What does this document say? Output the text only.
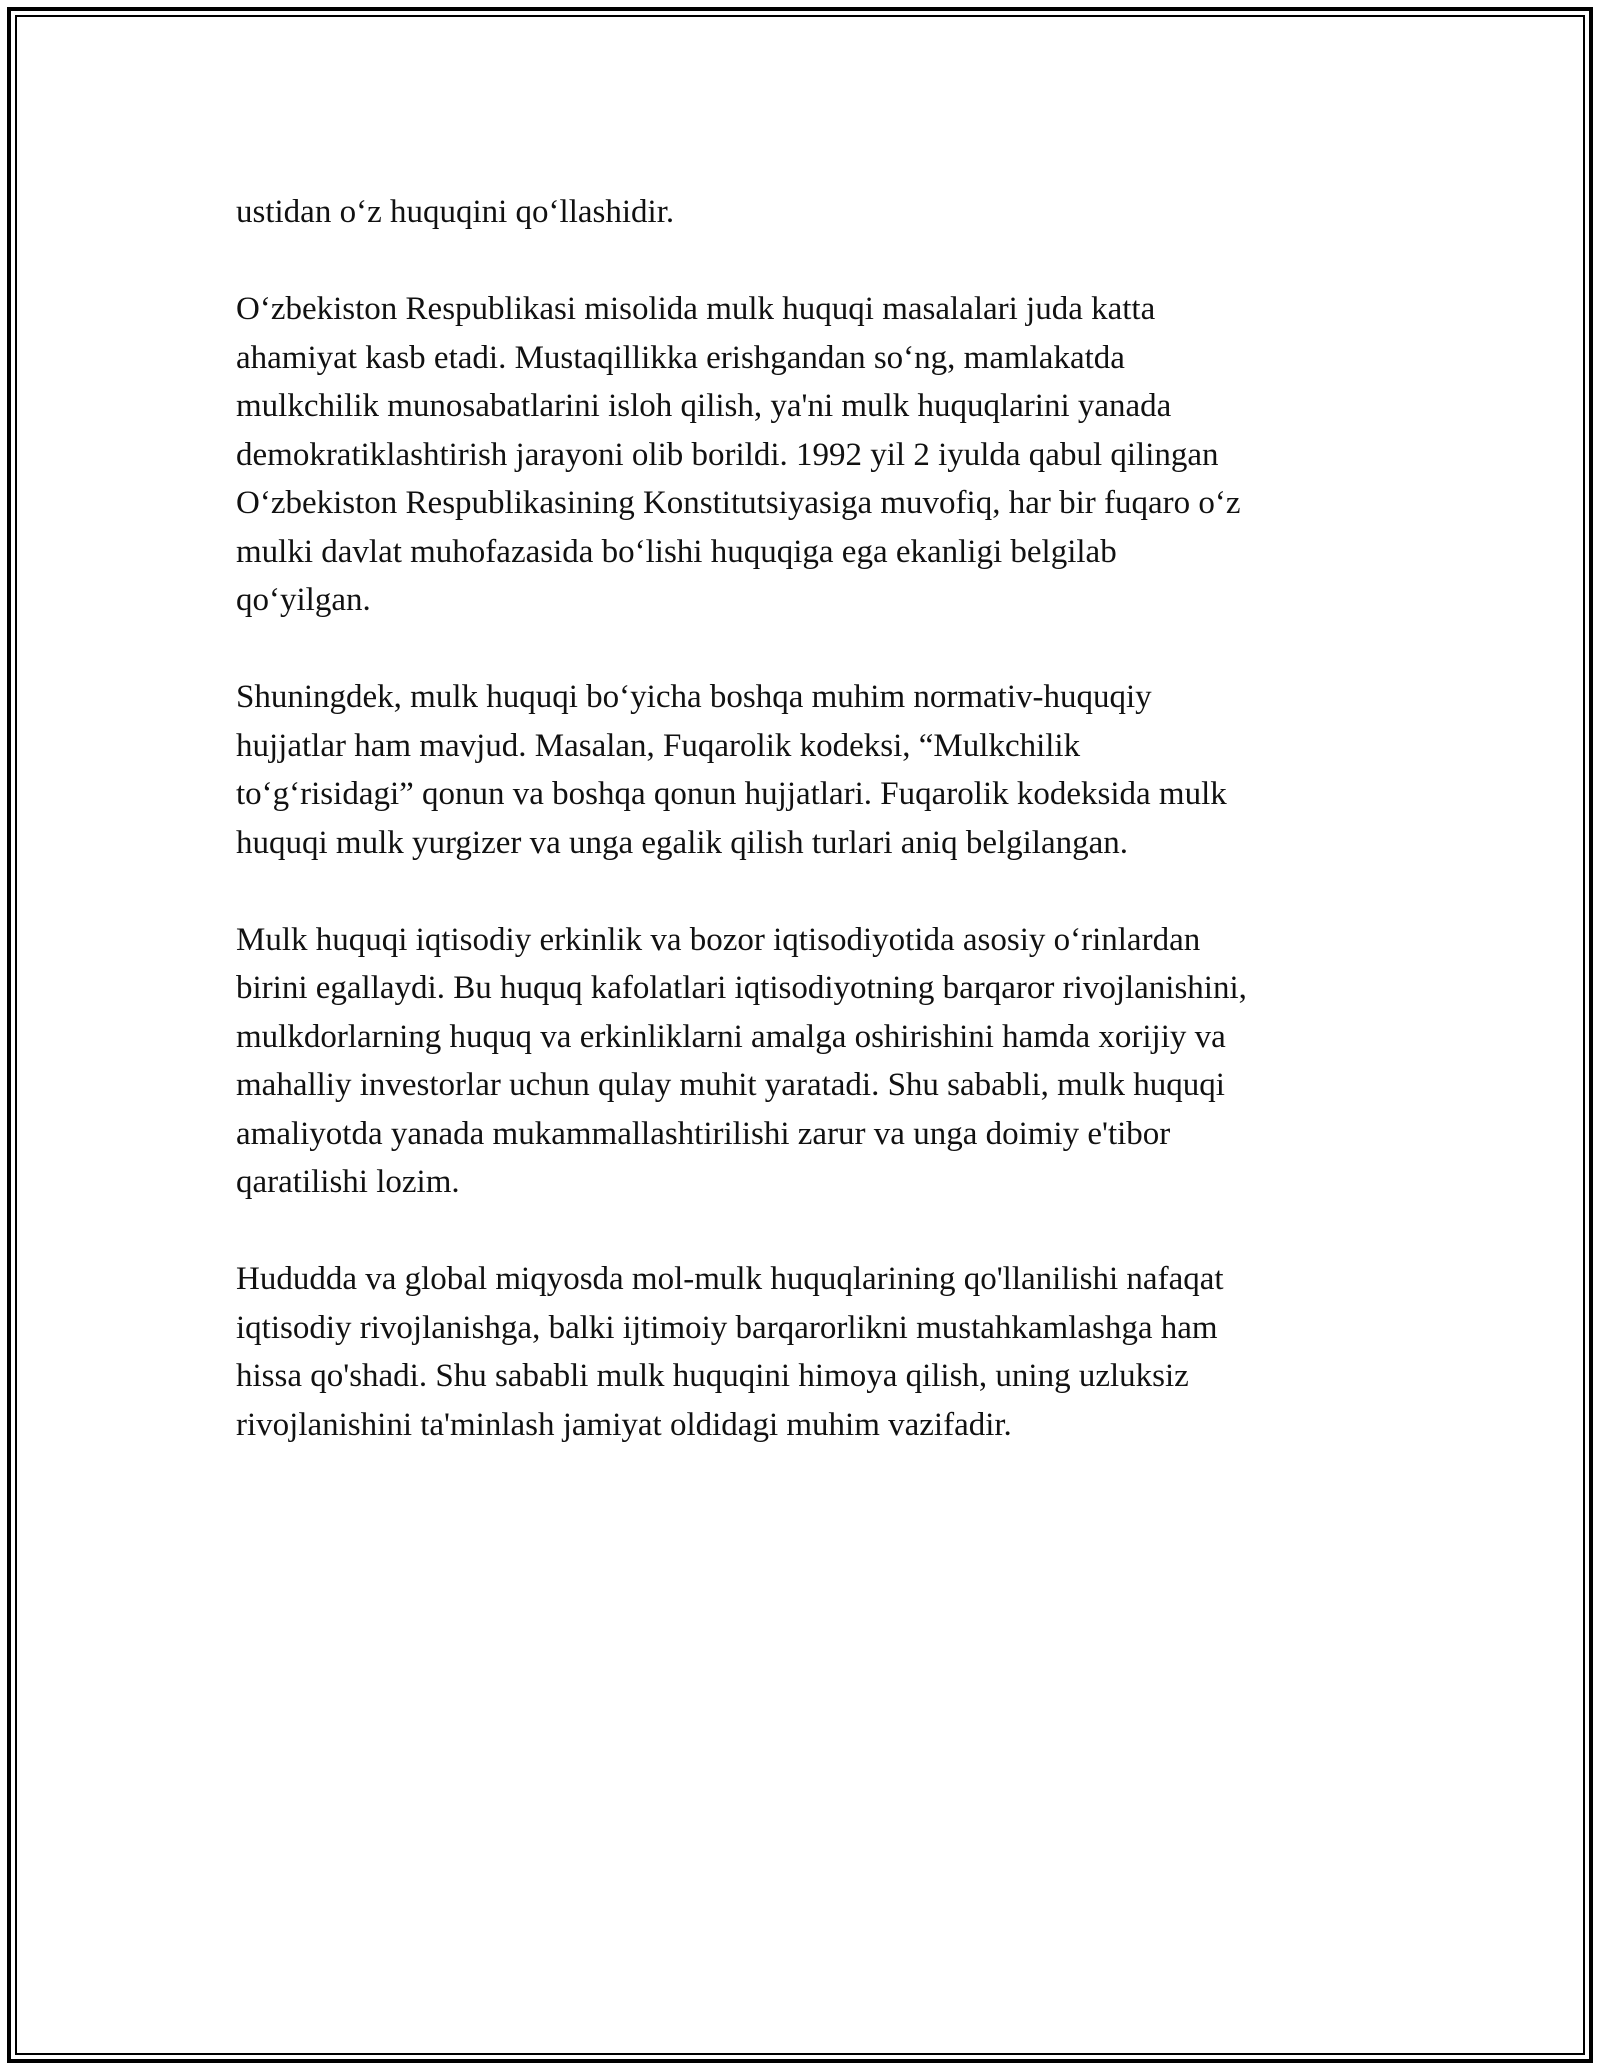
ustidan oʻz huquqini qoʻllashidir.

Oʻzbekiston Respublikasi misolida mulk huquqi masalalari juda katta
ahamiyat kasb etadi. Mustaqillikka erishgandan soʻng, mamlakatda
mulkchilik munosabatlarini isloh qilish, ya'ni mulk huquqlarini yanada
demokratiklashtirish jarayoni olib borildi. 1992 yil 2 iyulda qabul qilingan
Oʻzbekiston Respublikasining Konstitutsiyasiga muvofiq, har bir fuqaro oʻz
mulki davlat muhofazasida boʻlishi huquqiga ega ekanligi belgilab
qoʻyilgan.

Shuningdek, mulk huquqi boʻyicha boshqa muhim normativ-huquqiy
hujjatlar ham mavjud. Masalan, Fuqarolik kodeksi, “Mulkchilik
toʻgʻrisidagi” qonun va boshqa qonun hujjatlari. Fuqarolik kodeksida mulk
huquqi mulk yurgizer va unga egalik qilish turlari aniq belgilangan.

Mulk huquqi iqtisodiy erkinlik va bozor iqtisodiyotida asosiy oʻrinlardan
birini egallaydi. Bu huquq kafolatlari iqtisodiyotning barqaror rivojlanishini,
mulkdorlarning huquq va erkinliklarni amalga oshirishini hamda xorijiy va
mahalliy investorlar uchun qulay muhit yaratadi. Shu sababli, mulk huquqi
amaliyotda yanada mukammallashtirilishi zarur va unga doimiy e'tibor
qaratilishi lozim.

Hududda va global miqyosda mol-mulk huquqlarining qo'llanilishi nafaqat
iqtisodiy rivojlanishga, balki ijtimoiy barqarorlikni mustahkamlashga ham
hissa qo'shadi. Shu sababli mulk huquqini himoya qilish, uning uzluksiz
rivojlanishini ta'minlash jamiyat oldidagi muhim vazifadir.
